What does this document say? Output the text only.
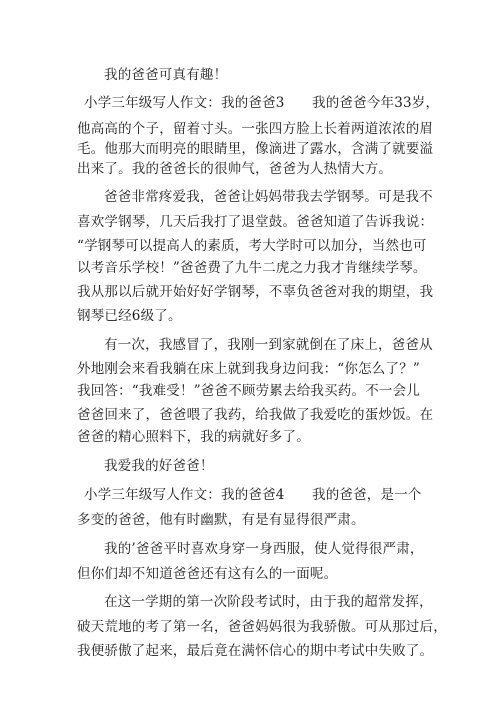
我的爸爸可真有趣！
小学三年级写人作文：我的爸爸3　　我的爸爸今年33岁，
他高高的个子，留着寸头。一张四方脸上长着两道浓浓的眉
毛。他那大而明亮的眼睛里，像滴进了露水，含满了就要溢
出来了。我的爸爸长的很帅气，爸爸为人热情大方。
爸爸非常疼爱我，爸爸让妈妈带我去学钢琴。可是我不
喜欢学钢琴，几天后我打了退堂鼓。爸爸知道了告诉我说：
“学钢琴可以提高人的素质，考大学时可以加分，当然也可
以考音乐学校！”爸爸费了九牛二虎之力我才肯继续学琴。
我从那以后就开始好好学钢琴，不辜负爸爸对我的期望，我
钢琴已经6级了。
有一次，我感冒了，我刚一到家就倒在了床上，爸爸从
外地刚会来看我躺在床上就到我身边问我：“你怎么了？”
我回答：“我难受！”爸爸不顾劳累去给我买药。不一会儿
爸爸回来了，爸爸喂了我药，给我做了我爱吃的蛋炒饭。在
爸爸的精心照料下，我的病就好多了。
我爱我的好爸爸！
小学三年级写人作文：我的爸爸4　　我的爸爸，是一个
多变的爸爸，他有时幽默，有是有显得很严肃。
我的’爸爸平时喜欢身穿一身西服，使人觉得很严肃，
但你们却不知道爸爸还有这有么的一面呢。
在这一学期的第一次阶段考试时，由于我的超常发挥，
破天荒地的考了第一名，爸爸妈妈很为我骄傲。可从那过后，
我便骄傲了起来，最后竟在满怀信心的期中考试中失败了。
